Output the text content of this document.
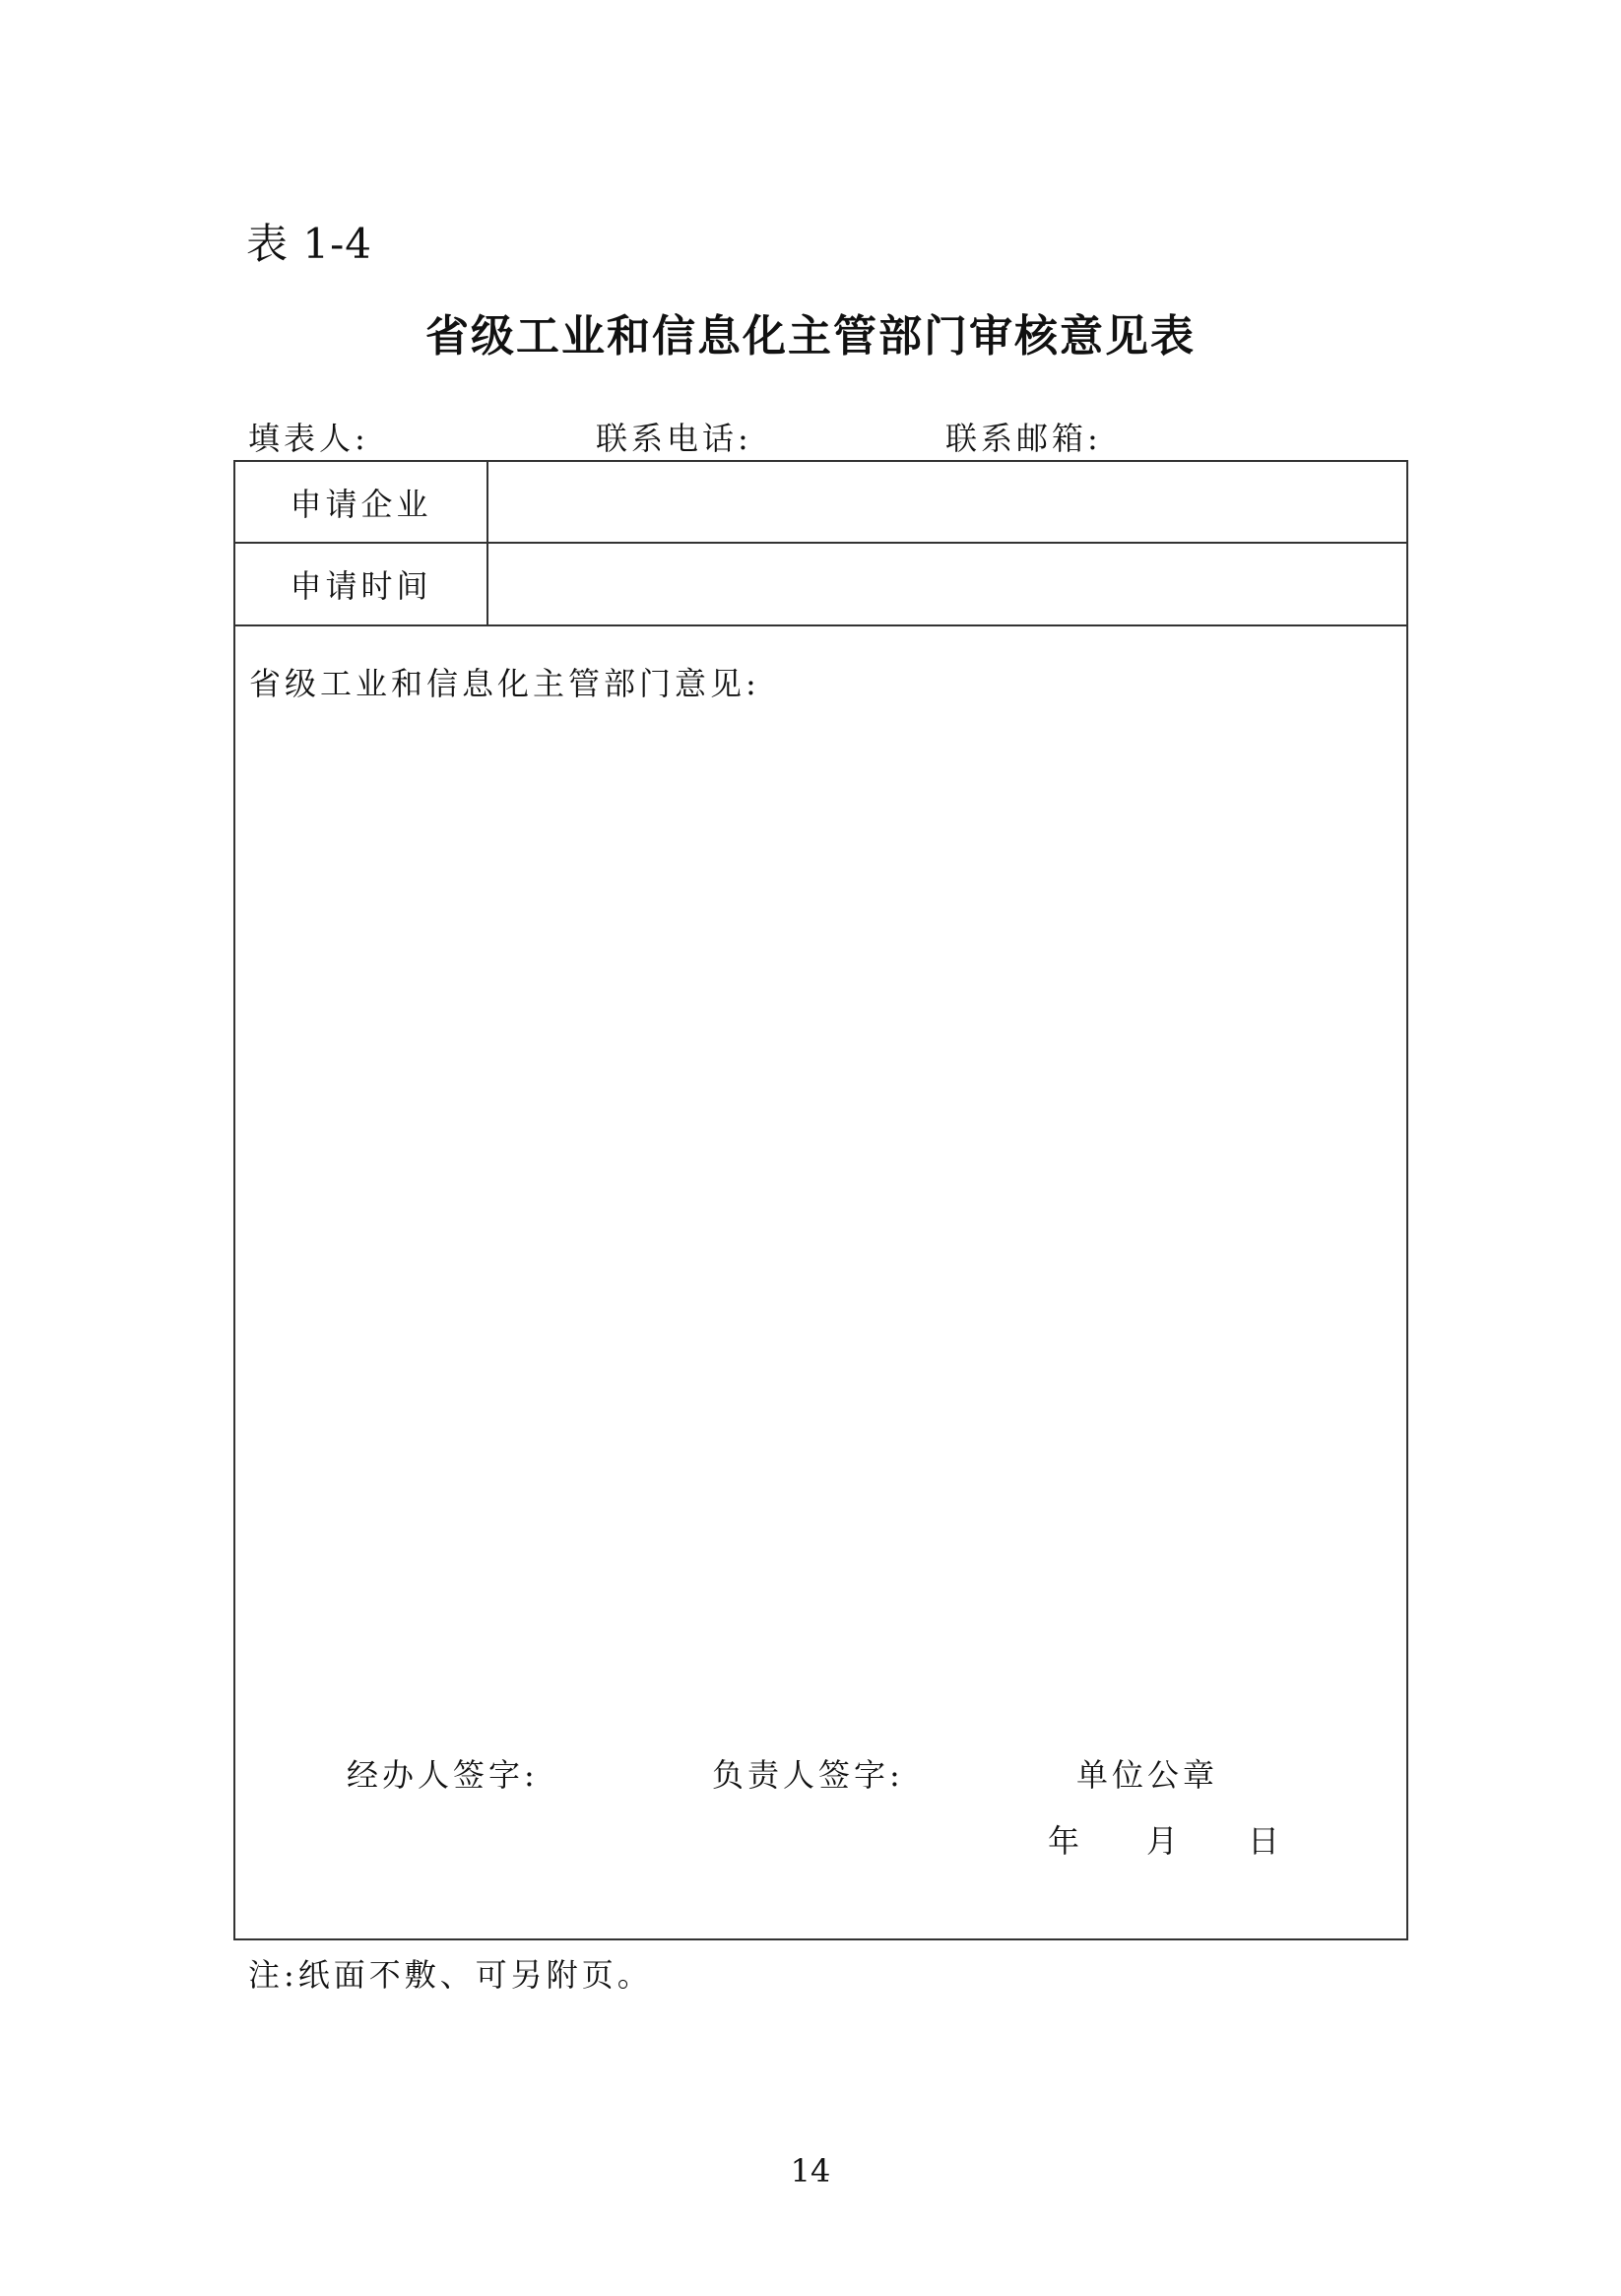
表 1-4
省级工业和信息化主管部门审核意见表
填表人:	联系电话:	联系邮箱:
申请企业
申请时间
省级工业和信息化主管部门意见:
经办人签字:	负责人签字:	单位公章
年 月 日
注:纸面不敷、可另附页。
14
